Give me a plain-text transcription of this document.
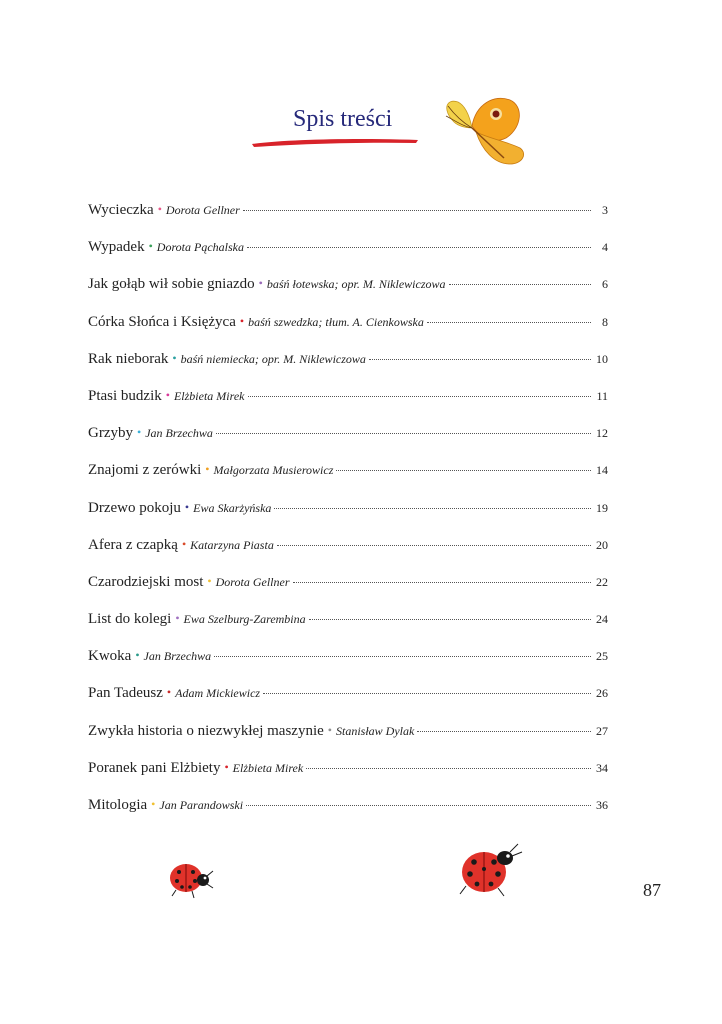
Spis treści
Wycieczka • Dorota Gellner	3
Wypadek • Dorota Pąchalska	4
Jak gołąb wił sobie gniazdo • baśń łotewska; opr. M. Niklewiczowa	6
Córka Słońca i Księżyca • baśń szwedzka; tłum. A. Cienkowska	8
Rak nieborak • baśń niemiecka; opr. M. Niklewiczowa	10
Ptasi budzik • Elżbieta Mirek	11
Grzyby • Jan Brzechwa	12
Znajomi z zerówki • Małgorzata Musierowicz	14
Drzewo pokoju • Ewa Skarżyńska	19
Afera z czapką • Katarzyna Piasta	20
Czarodziejski most • Dorota Gellner	22
List do kolegi • Ewa Szelburg-Zarembina	24
Kwoka • Jan Brzechwa	25
Pan Tadeusz • Adam Mickiewicz	26
Zwykła historia o niezwykłej maszynie • Stanisław Dylak	27
Poranek pani Elżbiety • Elżbieta Mirek	34
Mitologia • Jan Parandowski	36
87
